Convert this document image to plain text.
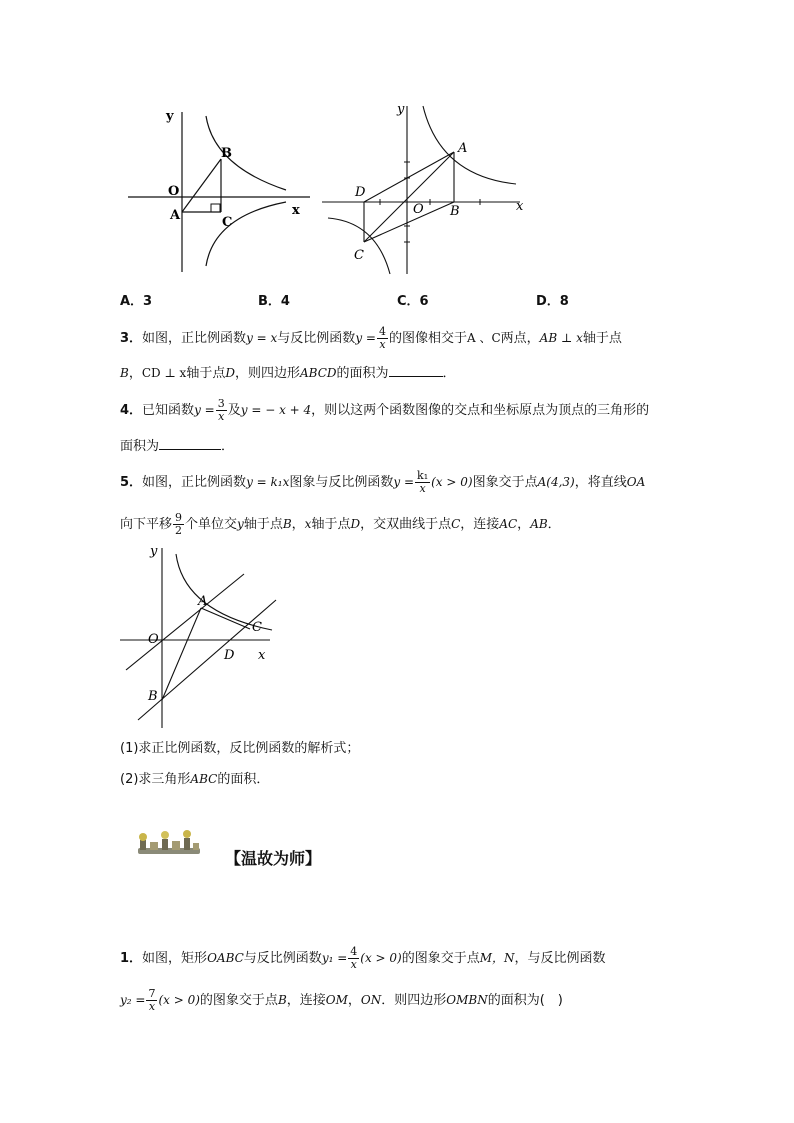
y
x
O
A
B
C
y
x
O
A
B
C
D
A．3	B．4	C．6	D．8
3．如图，正比例函数y = x与反比例函数$y = \frac{4}{x}$ 的图像相交于A 、C两点，AB ⊥ x轴于点
B，CD ⊥ x轴于点D，则四边形ABCD的面积为	．
4．已知函数$y = \frac{3}{x}$ 及y = − x + 4，则以这两个函数图像的交点和坐标原点为顶点的三角形的
面积为	．
5．如图，正比例函数y = k₁x图象与反比例函数$y = \frac{\text{k₁}}{x} (x > 0)$图象交于点A(4,3)，将直线OA
向下平移 $\frac{9}{2}$ 个单位交y轴于点B，x轴于点D，交双曲线于点C，连接AC，AB．
y
x
O
A
B
C
D
(1)求正比例函数，反比例函数的解析式；
(2)求三角形ABC的面积．
【温故为师】
1．如图，矩形OABC与反比例函数$y_1 = \frac{4}{x} (x > 0)$的图象交于点M，N，与反比例函数
$y_2 = \frac{7}{x} (x > 0)$的图象交于点B，连接OM，ON．则四边形OMBN的面积为(　)
